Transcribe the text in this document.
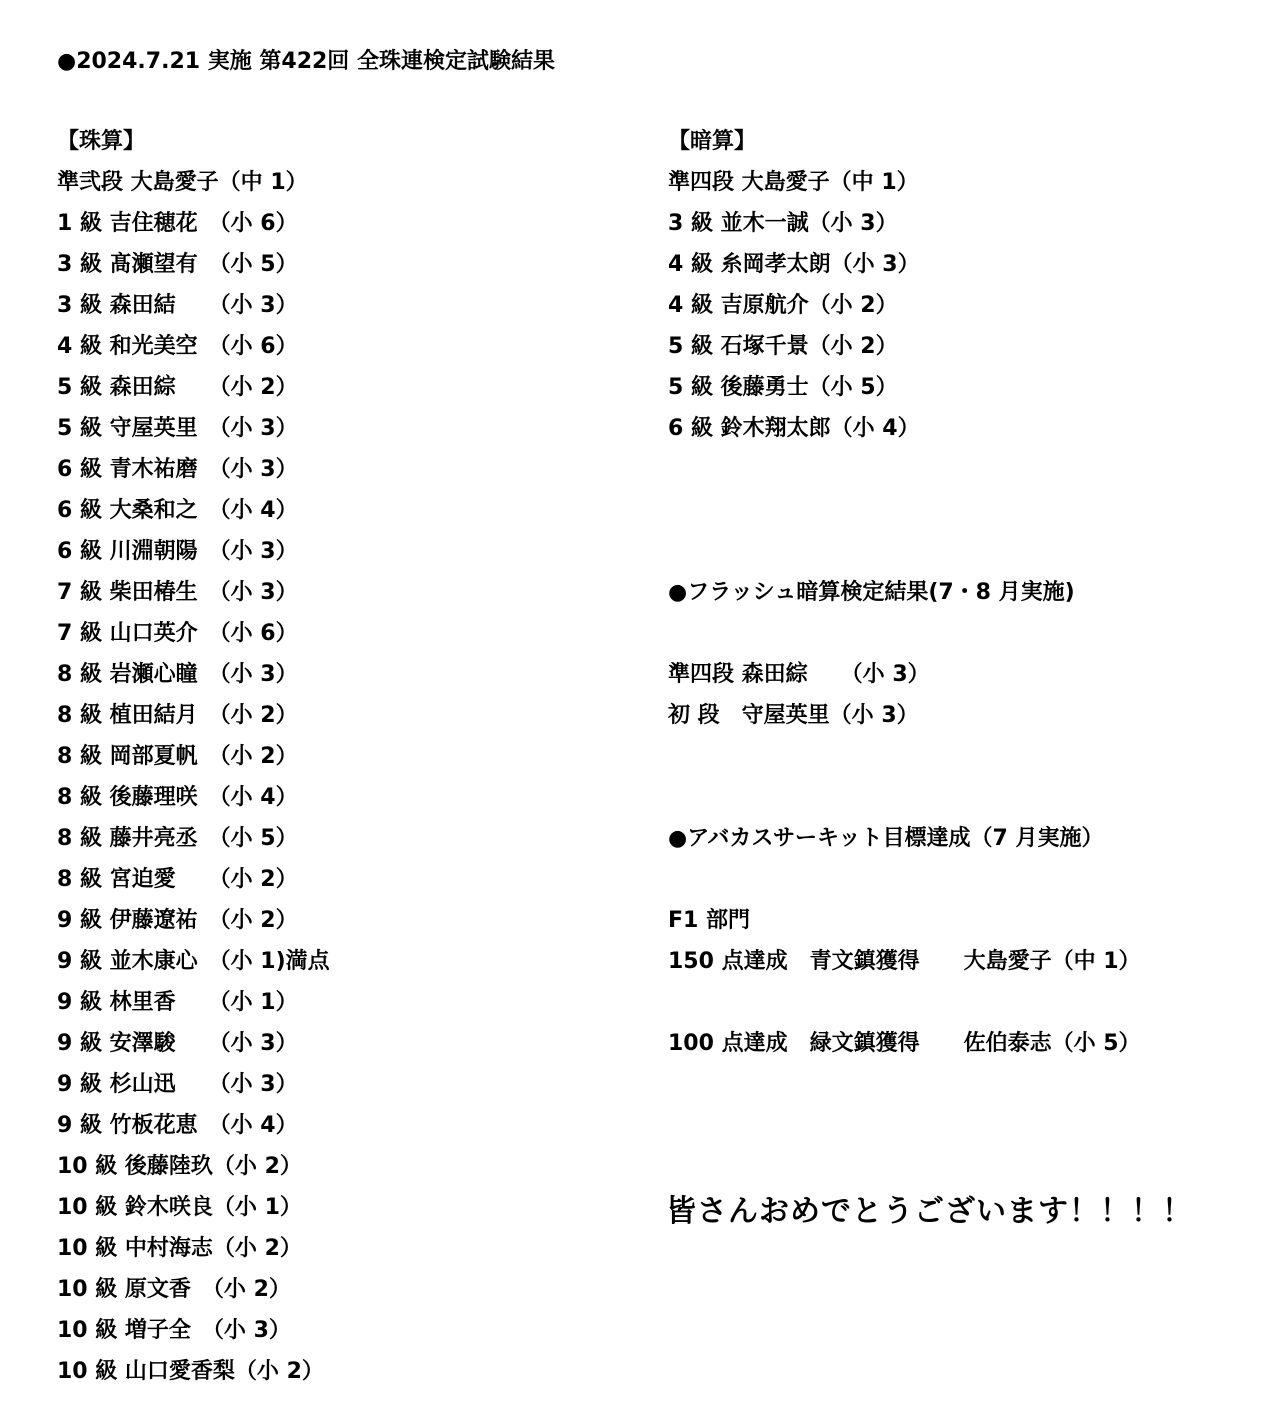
●2024.7.21 実施 第422回 全珠連検定試験結果
【珠算】
準弐段 大島愛子（中 1）
1 級 吉住穂花　（小 6）
3 級 髙瀬望有　（小 5）
3 級 森田結　　（小 3）
4 級 和光美空　（小 6）
5 級 森田綜　　（小 2）
5 級 守屋英里　（小 3）
6 級 青木祐磨　（小 3）
6 級 大桑和之　（小 4）
6 級 川淵朝陽　（小 3）
7 級 柴田椿生　（小 3）
7 級 山口英介　（小 6）
8 級 岩瀬心瞳　（小 3）
8 級 植田結月　（小 2）
8 級 岡部夏帆　（小 2）
8 級 後藤理咲　（小 4）
8 級 藤井亮丞　（小 5）
8 級 宮迫愛　　（小 2）
9 級 伊藤遼祐　（小 2）
9 級 並木康心　（小 1)満点
9 級 林里香　　（小 1）
9 級 安澤駿　　（小 3）
9 級 杉山迅　　（小 3）
9 級 竹板花恵　（小 4）
10 級 後藤陸玖（小 2）
10 級 鈴木咲良（小 1）
10 級 中村海志（小 2）
10 級 原文香　（小 2）
10 級 増子全　（小 3）
10 級 山口愛香梨（小 2）
【暗算】
準四段 大島愛子（中 1）
3 級 並木一誠（小 3）
4 級 糸岡孝太朗（小 3）
4 級 吉原航介（小 2）
5 級 石塚千景（小 2）
5 級 後藤勇士（小 5）
6 級 鈴木翔太郎（小 4）
●フラッシュ暗算検定結果(7・8 月実施)
準四段 森田綜　　（小 3）
初 段　守屋英里（小 3）
●アバカスサーキット目標達成（7 月実施）
F1 部門
150 点達成　青文鎮獲得　　大島愛子（中 1）
100 点達成　緑文鎮獲得　　佐伯泰志（小 5）
皆さんおめでとうございます！！！！
